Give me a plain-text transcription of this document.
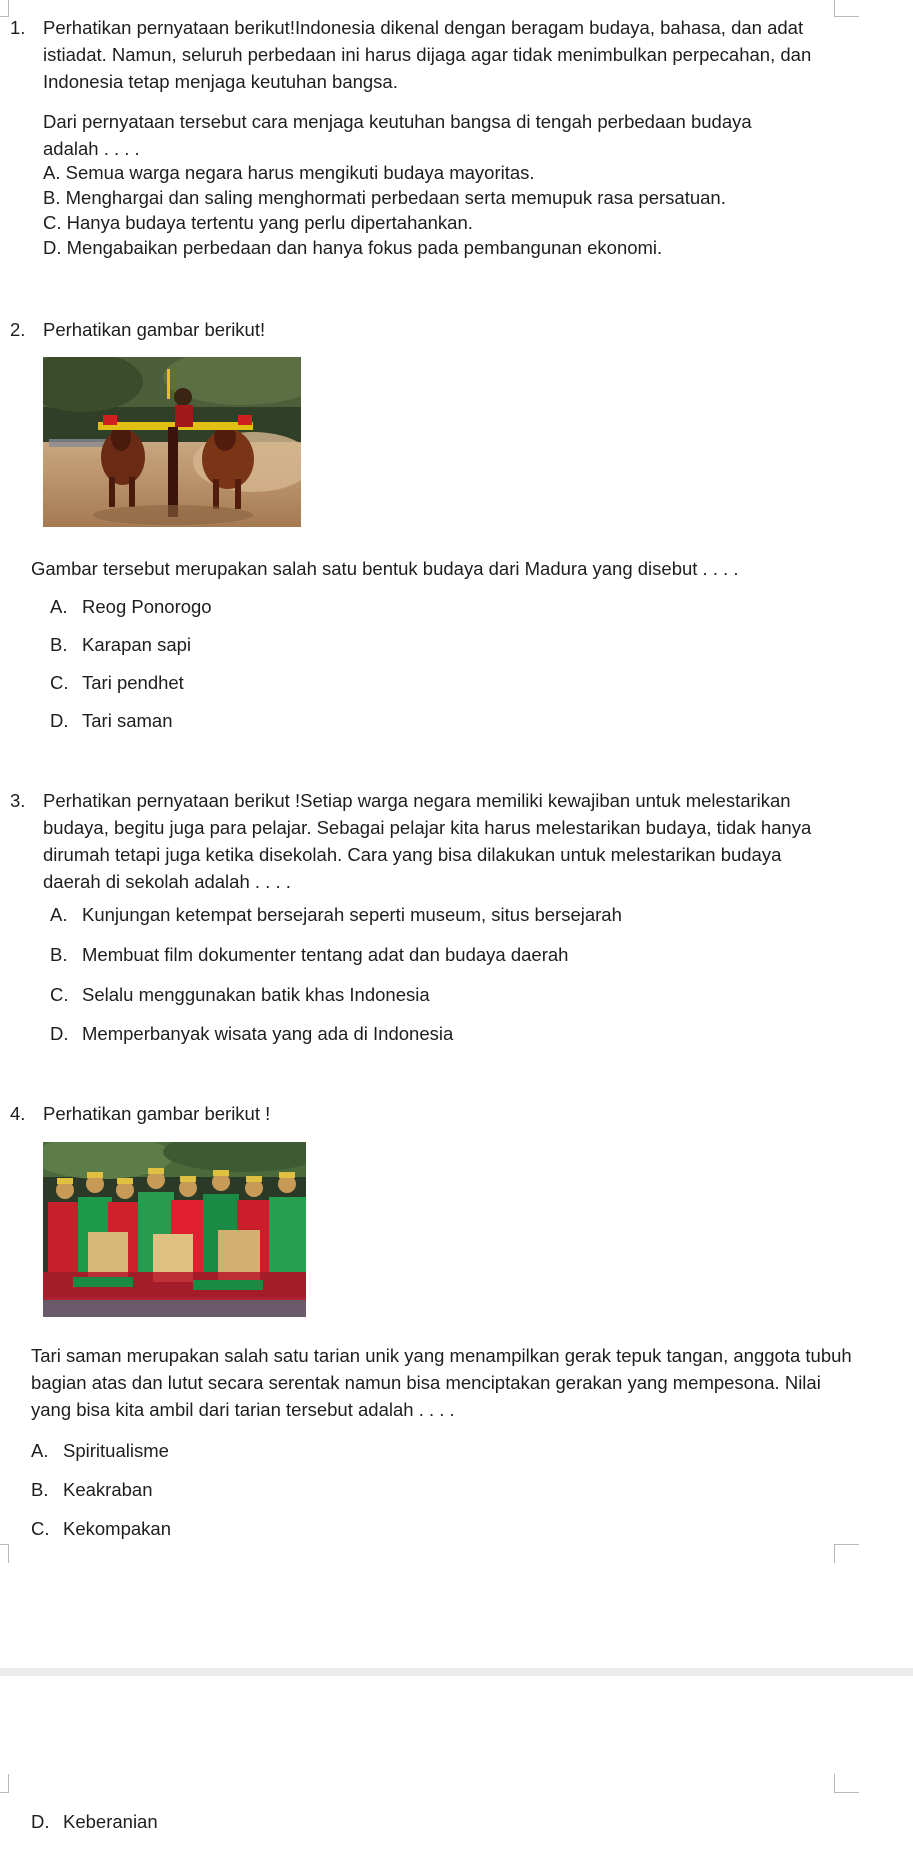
1. Perhatikan pernyataan berikut!Indonesia dikenal dengan beragam budaya, bahasa, dan adat istiadat. Namun, seluruh perbedaan ini harus dijaga agar tidak menimbulkan perpecahan, dan Indonesia tetap menjaga keutuhan bangsa.

Dari pernyataan tersebut cara menjaga keutuhan bangsa di tengah perbedaan budaya adalah . . . .

A. Semua warga negara harus mengikuti budaya mayoritas.
B. Menghargai dan saling menghormati perbedaan serta memupuk rasa persatuan.
C. Hanya budaya tertentu yang perlu dipertahankan.
D. Mengabaikan perbedaan dan hanya fokus pada pembangunan ekonomi.
2. Perhatikan gambar berikut!

Gambar tersebut merupakan salah satu bentuk budaya dari Madura yang disebut . . . .

A. Reog Ponorogo
B. Karapan sapi
C. Tari pendhet
D. Tari saman
3. Perhatikan pernyataan berikut !Setiap warga negara memiliki kewajiban untuk melestarikan budaya, begitu juga para pelajar. Sebagai pelajar kita harus melestarikan budaya, tidak hanya dirumah tetapi juga ketika disekolah. Cara yang bisa dilakukan untuk melestarikan budaya daerah di sekolah adalah . . . .

A. Kunjungan ketempat bersejarah seperti museum, situs bersejarah
B. Membuat film dokumenter tentang adat dan budaya daerah
C. Selalu menggunakan batik khas Indonesia
D. Memperbanyak wisata yang ada di Indonesia
4. Perhatikan gambar berikut !

Tari saman merupakan salah satu tarian unik yang menampilkan gerak tepuk tangan, anggota tubuh bagian atas dan lutut secara serentak namun bisa menciptakan gerakan yang mempesona. Nilai yang bisa kita ambil dari tarian tersebut adalah . . . .

A. Spiritualisme
B. Keakraban
C. Kekompakan
D. Keberanian
